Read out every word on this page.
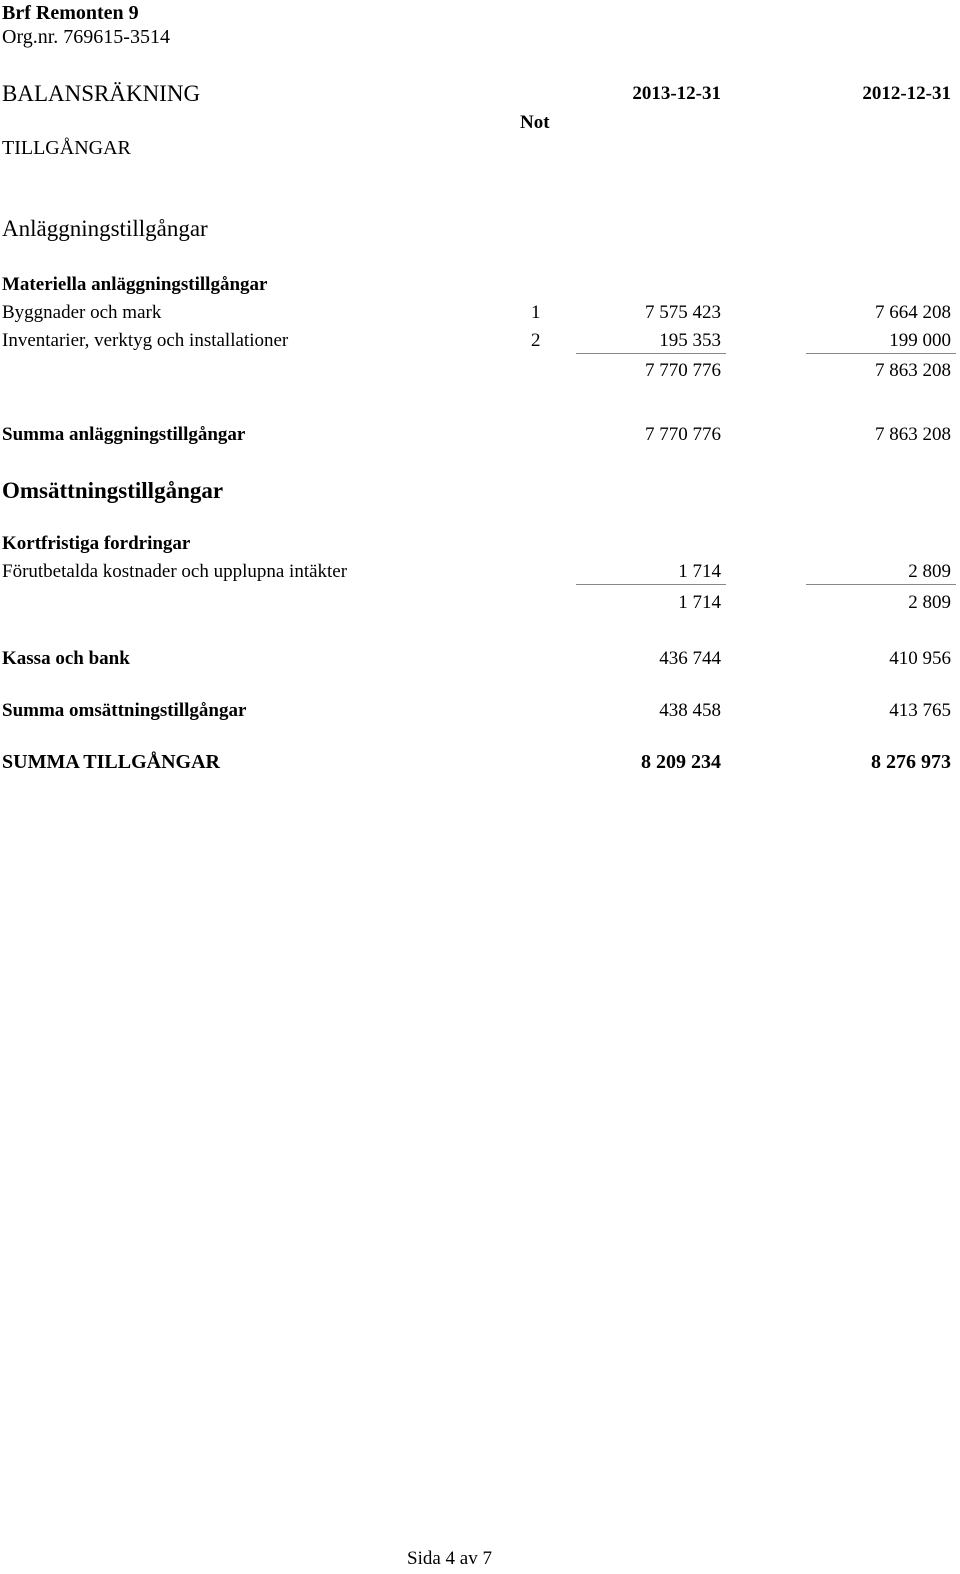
Brf Remonten 9
Org.nr. 769615-3514
BALANSRÄKNING	2013-12-31	2012-12-31
Not
TILLGÅNGAR
Anläggningstillgångar
Materiella anläggningstillgångar
Byggnader och mark	1	7 575 423	7 664 208
Inventarier, verktyg och installationer	2	195 353	199 000
7 770 776	7 863 208
Summa anläggningstillgångar	7 770 776	7 863 208
Omsättningstillgångar
Kortfristiga fordringar
Förutbetalda kostnader och upplupna intäkter	1 714	2 809
1 714	2 809
Kassa och bank	436 744	410 956
Summa omsättningstillgångar	438 458	413 765
SUMMA TILLGÅNGAR	8 209 234	8 276 973
Sida 4 av 7
